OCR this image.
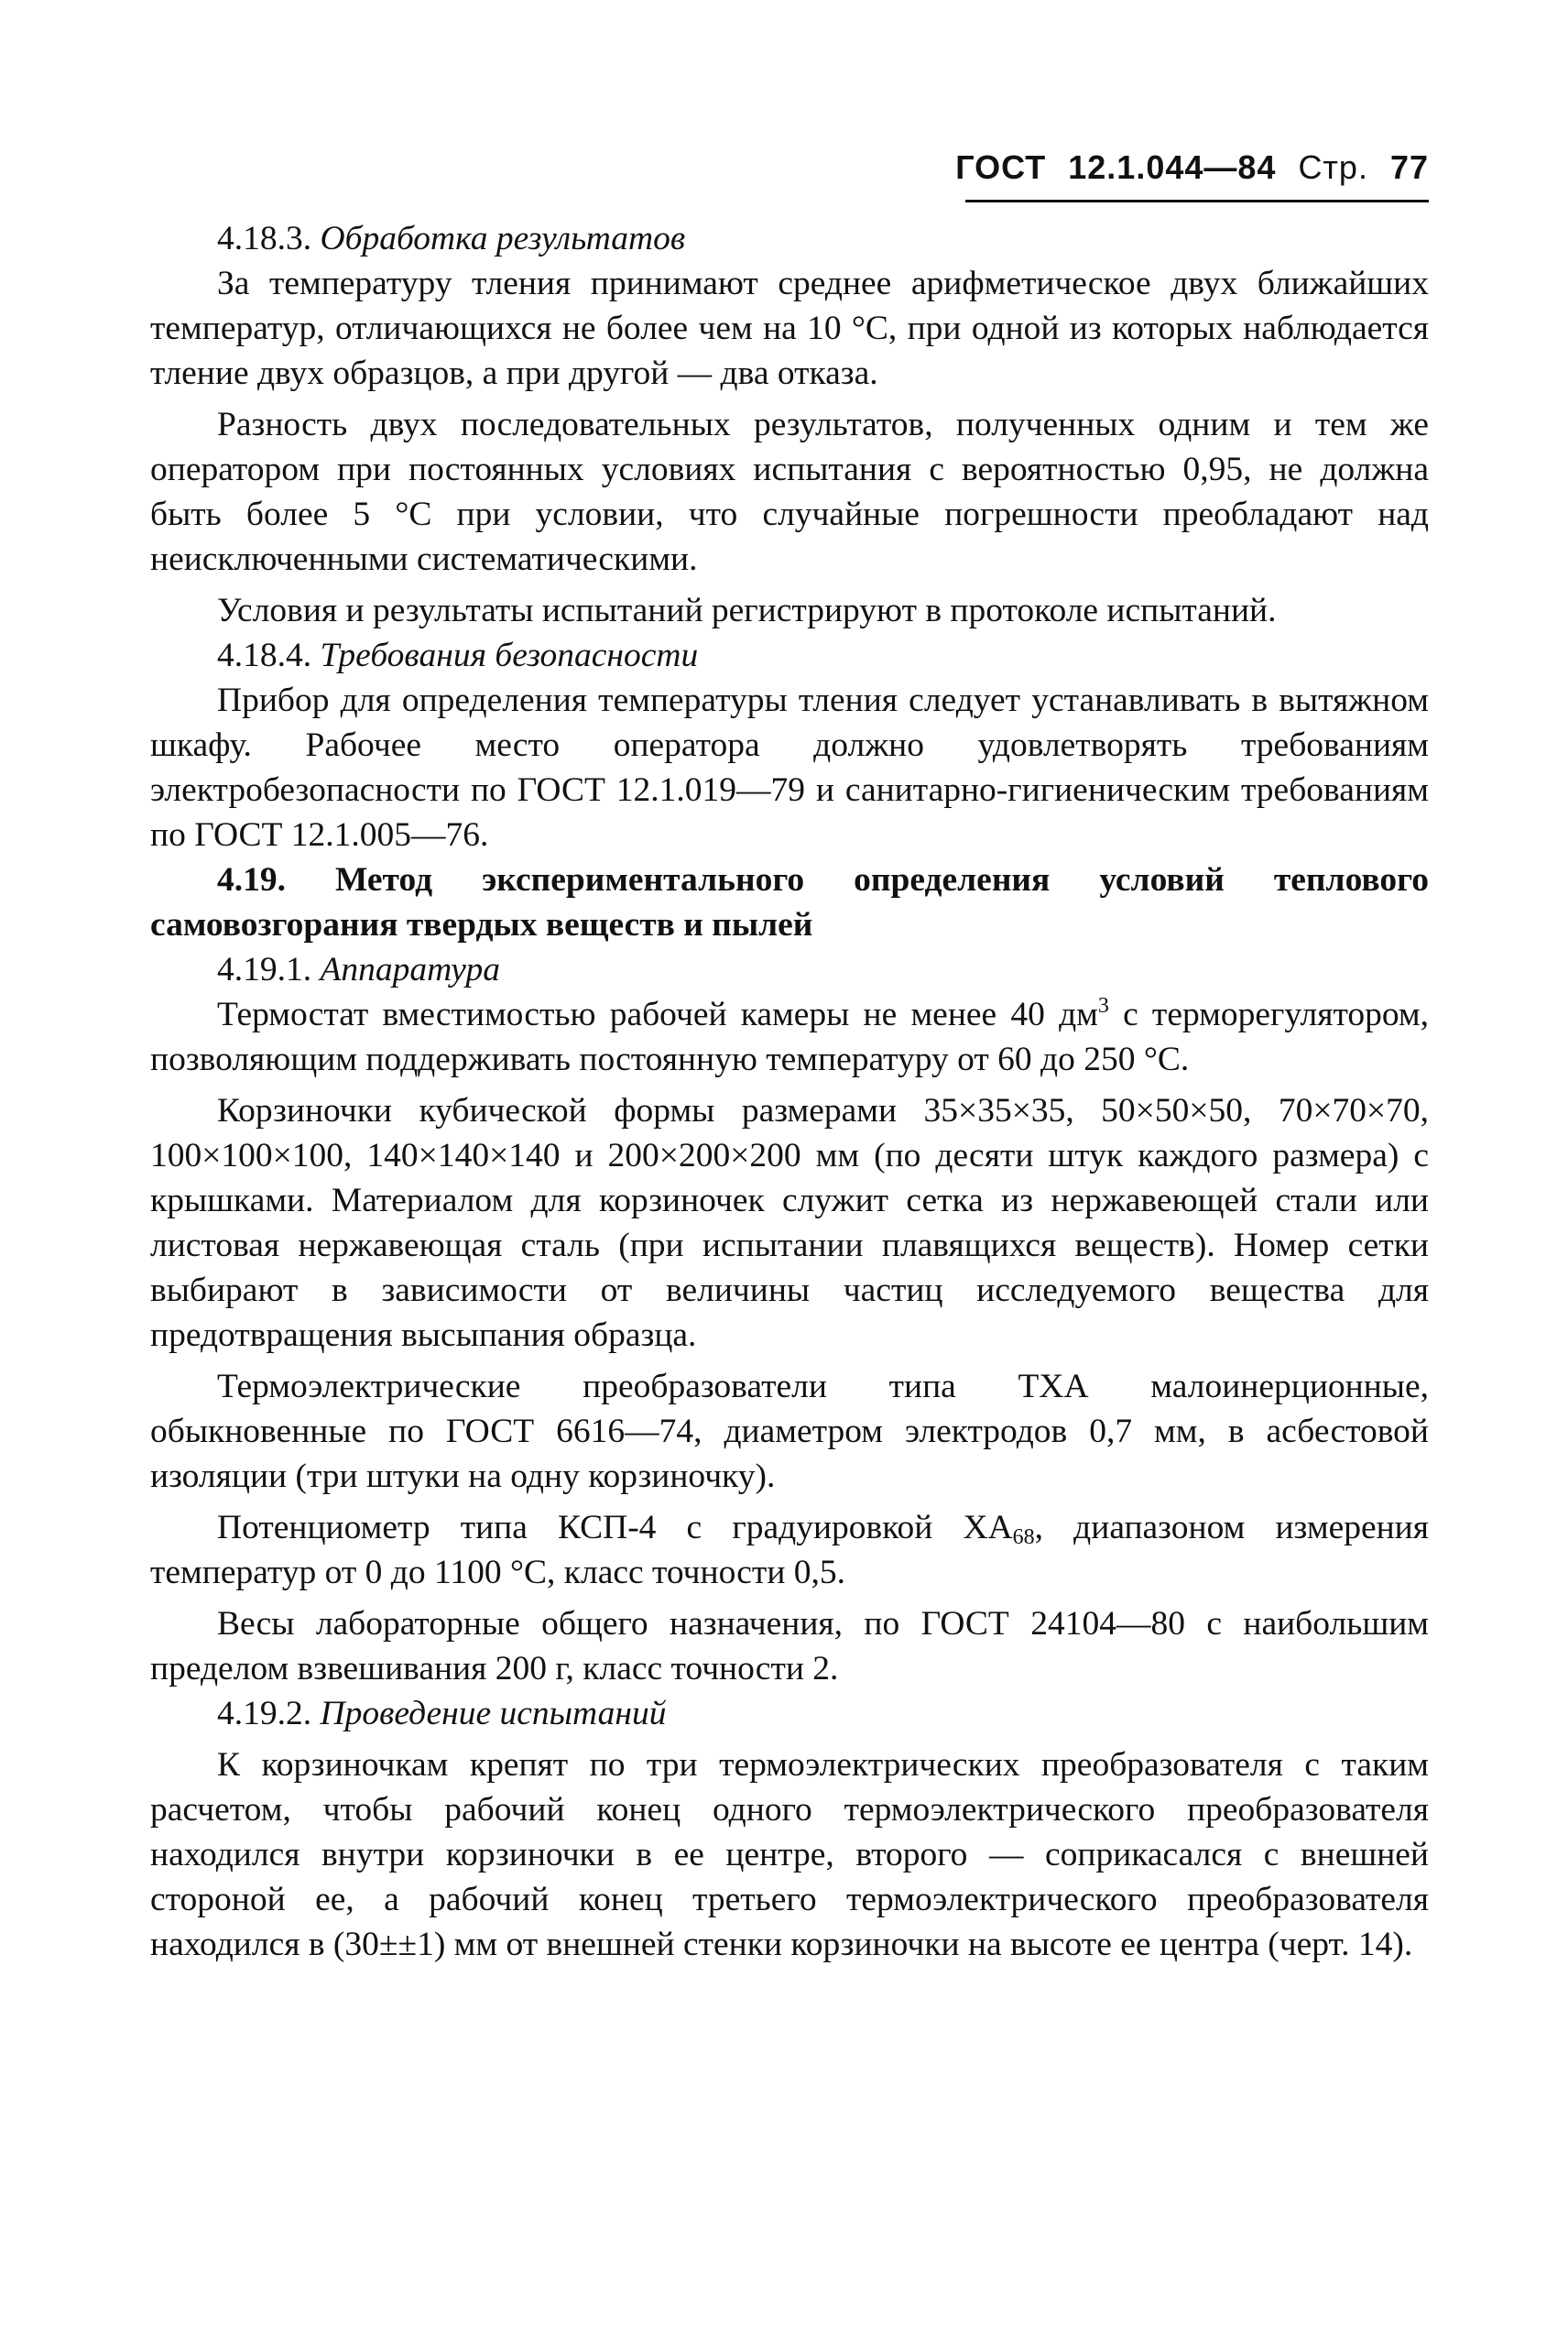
ГОСТ 12.1.044—84 Стр. 77

4.18.3. Обработка результатов

За температуру тления принимают среднее арифметическое двух ближайших температур, отличающихся не более чем на 10 °С, при одной из которых наблюдается тление двух образцов, а при другой — два отказа.

Разность двух последовательных результатов, полученных одним и тем же оператором при постоянных условиях испытания с вероятностью 0,95, не должна быть более 5 °С при условии, что случайные погрешности преобладают над неисключенными систематическими.

Условия и результаты испытаний регистрируют в протоколе испытаний.

4.18.4. Требования безопасности

Прибор для определения температуры тления следует устанавливать в вытяжном шкафу. Рабочее место оператора должно удовлетворять требованиям электробезопасности по ГОСТ 12.1.019—79 и санитарно-гигиеническим требованиям по ГОСТ 12.1.005—76.

4.19. Метод экспериментального определения условий теплового самовозгорания твердых веществ и пылей

4.19.1. Аппаратура

Термостат вместимостью рабочей камеры не менее 40 $дм^3$ с терморегулятором, позволяющим поддерживать постоянную температуру от 60 до 250 °С.

Корзиночки кубической формы размерами 35×35×35, 50×50×50, 70×70×70, 100×100×100, 140×140×140 и 200×200×200 мм (по десяти штук каждого размера) с крышками. Материалом для корзиночек служит сетка из нержавеющей стали или листовая нержавеющая сталь (при испытании плавящихся веществ). Номер сетки выбирают в зависимости от величины частиц исследуемого вещества для предотвращения высыпания образца.

Термоэлектрические преобразователи типа ТХА малоинерционные, обыкновенные по ГОСТ 6616—74, диаметром электродов 0,7 мм, в асбестовой изоляции (три штуки на одну корзиночку).

Потенциометр типа КСП-4 с градуировкой $ХА_{68}$, диапазоном измерения температур от 0 до 1100 °С, класс точности 0,5.

Весы лабораторные общего назначения, по ГОСТ 24104—80 с наибольшим пределом взвешивания 200 г, класс точности 2.

4.19.2. Проведение испытаний

К корзиночкам крепят по три термоэлектрических преобразователя с таким расчетом, чтобы рабочий конец одного термоэлектрического преобразователя находился внутри корзиночки в ее центре, второго — соприкасался с внешней стороной ее, а рабочий конец третьего термоэлектрического преобразователя находился в (30±±1) мм от внешней стенки корзиночки на высоте ее центра (черт. 14).
